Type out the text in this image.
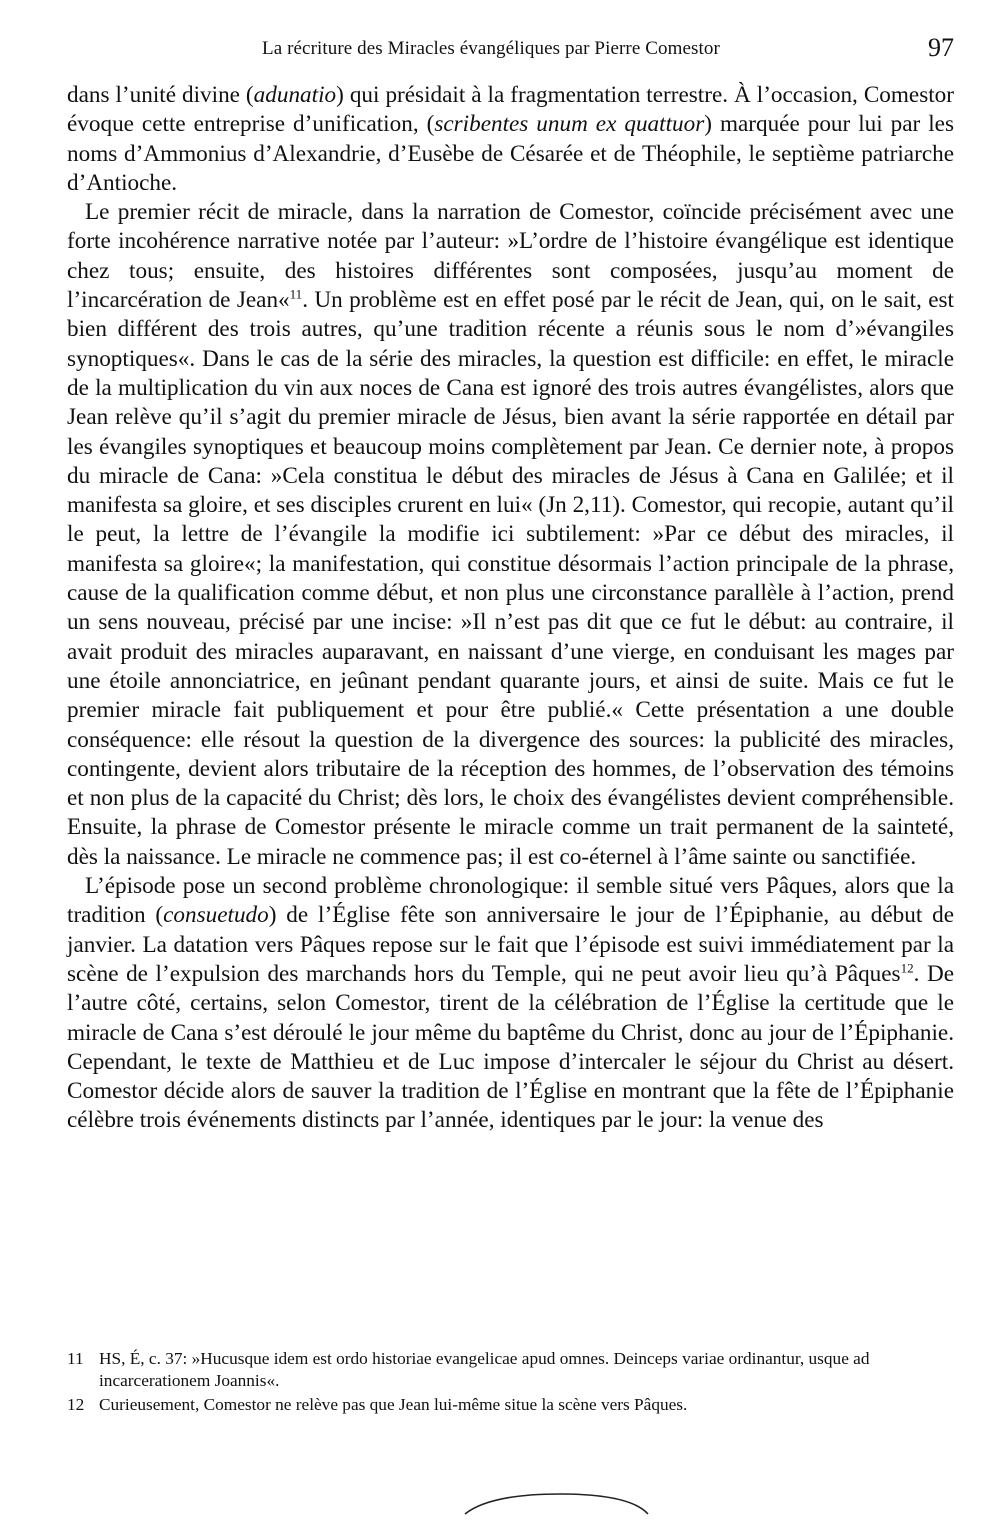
La récriture des Miracles évangéliques par Pierre Comestor	97

dans l’unité divine (adunatio) qui présidait à la fragmentation terrestre. À l’occasion, Comestor évoque cette entreprise d’unification, (scribentes unum ex quattuor) marquée pour lui par les noms d’Ammonius d’Alexandrie, d’Eusèbe de Césarée et de Théophile, le septième patriarche d’Antioche.

Le premier récit de miracle, dans la narration de Comestor, coïncide précisément avec une forte incohérence narrative notée par l’auteur: »L’ordre de l’histoire évangélique est identique chez tous; ensuite, des histoires différentes sont composées, jusqu’au moment de l’incarcération de Jean«$^{11}$. Un problème est en effet posé par le récit de Jean, qui, on le sait, est bien différent des trois autres, qu’une tradition récente a réunis sous le nom d’»évangiles synoptiques«. Dans le cas de la série des miracles, la question est difficile: en effet, le miracle de la multiplication du vin aux noces de Cana est ignoré des trois autres évangélistes, alors que Jean relève qu’il s’agit du premier miracle de Jésus, bien avant la série rapportée en détail par les évangiles synoptiques et beaucoup moins complètement par Jean. Ce dernier note, à propos du miracle de Cana: »Cela constitua le début des miracles de Jésus à Cana en Galilée; et il manifesta sa gloire, et ses disciples crurent en lui« (Jn 2,11). Comestor, qui recopie, autant qu’il le peut, la lettre de l’évangile la modifie ici subtilement: »Par ce début des miracles, il manifesta sa gloire«; la manifestation, qui constitue désormais l’action principale de la phrase, cause de la qualification comme début, et non plus une circonstance parallèle à l’action, prend un sens nouveau, précisé par une incise: »Il n’est pas dit que ce fut le début: au contraire, il avait produit des miracles auparavant, en naissant d’une vierge, en conduisant les mages par une étoile annonciatrice, en jeûnant pendant quarante jours, et ainsi de suite. Mais ce fut le premier miracle fait publiquement et pour être publié.« Cette présentation a une double conséquence: elle résout la question de la divergence des sources: la publicité des miracles, contingente, devient alors tributaire de la réception des hommes, de l’observation des témoins et non plus de la capacité du Christ; dès lors, le choix des évangélistes devient compréhensible. Ensuite, la phrase de Comestor présente le miracle comme un trait permanent de la sainteté, dès la naissance. Le miracle ne commence pas; il est co-éternel à l’âme sainte ou sanctifiée.

L’épisode pose un second problème chronologique: il semble situé vers Pâques, alors que la tradition (consuetudo) de l’Église fête son anniversaire le jour de l’Épiphanie, au début de janvier. La datation vers Pâques repose sur le fait que l’épisode est suivi immédiatement par la scène de l’expulsion des marchands hors du Temple, qui ne peut avoir lieu qu’à Pâques$^{12}$. De l’autre côté, certains, selon Comestor, tirent de la célébration de l’Église la certitude que le miracle de Cana s’est déroulé le jour même du baptême du Christ, donc au jour de l’Épiphanie. Cependant, le texte de Matthieu et de Luc impose d’intercaler le séjour du Christ au désert. Comestor décide alors de sauver la tradition de l’Église en montrant que la fête de l’Épiphanie célèbre trois événements distincts par l’année, identiques par le jour: la venue des

11 HS, É, c. 37: »Hucusque idem est ordo historiae evangelicae apud omnes. Deinceps variae ordinantur, usque ad incarcerationem Joannis«.
12 Curieusement, Comestor ne relève pas que Jean lui-même situe la scène vers Pâques.
